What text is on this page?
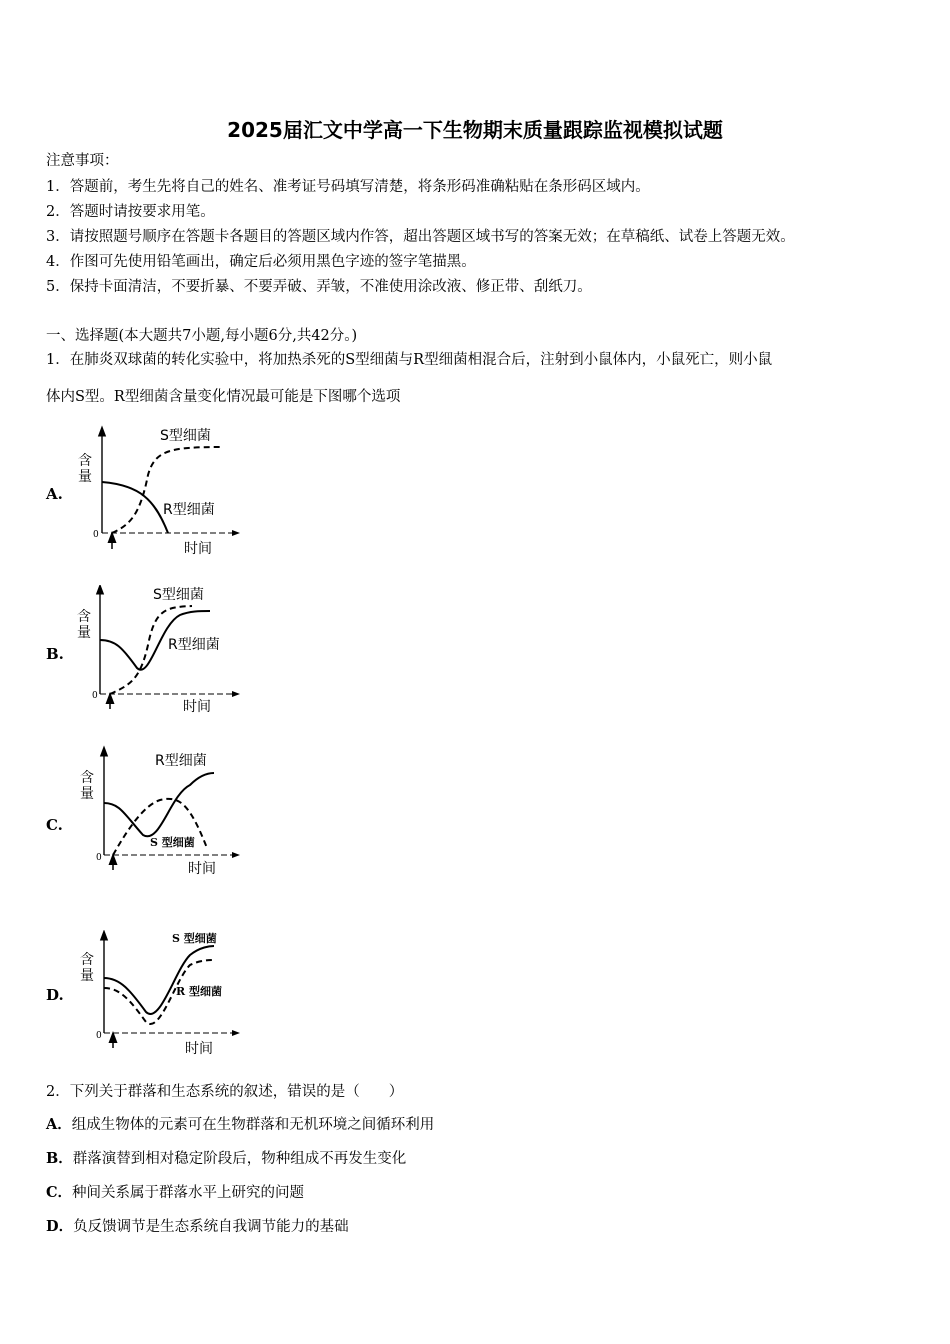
2025届汇文中学高一下生物期末质量跟踪监视模拟试题
注意事项：
1．答题前，考生先将自己的姓名、准考证号码填写清楚，将条形码准确粘贴在条形码区域内。
2．答题时请按要求用笔。
3．请按照题号顺序在答题卡各题目的答题区域内作答，超出答题区域书写的答案无效；在草稿纸、试卷上答题无效。
4．作图可先使用铅笔画出，确定后必须用黑色字迹的签字笔描黑。
5．保持卡面清洁，不要折暴、不要弄破、弄皱，不准使用涂改液、修正带、刮纸刀。
一、选择题(本大题共7小题,每小题6分,共42分。)
1．在肺炎双球菌的转化实验中，将加热杀死的S型细菌与R型细菌相混合后，注射到小鼠体内，小鼠死亡，则小鼠
体内S型。R型细菌含量变化情况最可能是下图哪个选项
A.
S型细菌
R型细菌
含量
时间
0
B.
S型细菌
R型细菌
含量
时间
0
C.
R型细菌
S 型细菌
含量
时间
0
D.
S 型细菌
R 型细菌
含量
时间
0
2．下列关于群落和生态系统的叙述，错误的是（　　）
A．组成生物体的元素可在生物群落和无机环境之间循环利用
B．群落演替到相对稳定阶段后，物种组成不再发生变化
C．种间关系属于群落水平上研究的问题
D．负反馈调节是生态系统自我调节能力的基础
